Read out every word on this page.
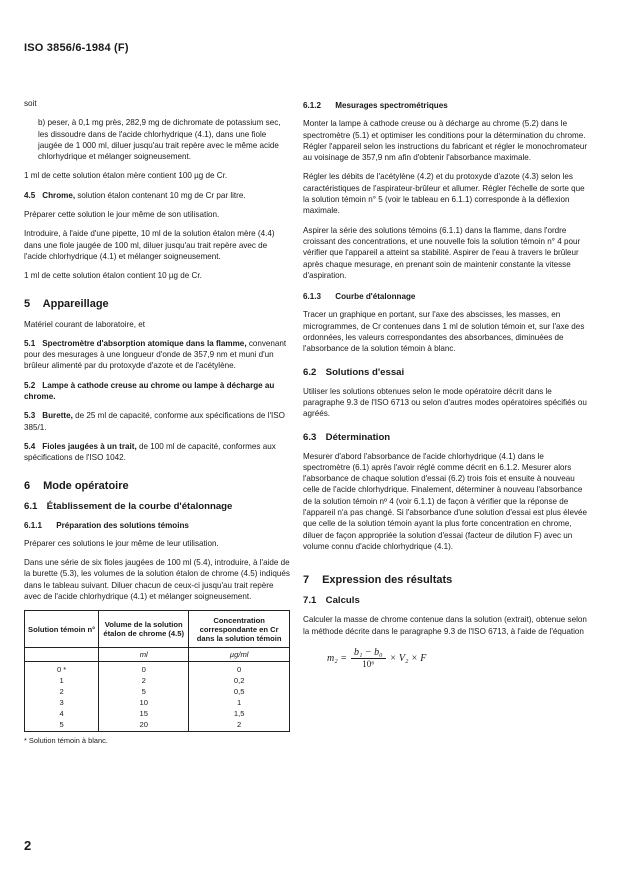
ISO 3856/6-1984 (F)

soit

b) peser, à 0,1 mg près, 282,9 mg de dichromate de potassium sec, les dissoudre dans de l'acide chlorhydrique (4.1), dans une fiole jaugée de 1 000 ml, diluer jusqu'au trait repère avec le même acide chlorhydrique et mélanger soigneusement.

1 ml de cette solution étalon mère contient 100 µg de Cr.

4.5 Chrome, solution étalon contenant 10 mg de Cr par litre.

Préparer cette solution le jour même de son utilisation.

Introduire, à l'aide d'une pipette, 10 ml de la solution étalon mère (4.4) dans une fiole jaugée de 100 ml, diluer jusqu'au trait repère avec de l'acide chlorhydrique (4.1) et mélanger soigneusement.

1 ml de cette solution étalon contient 10 µg de Cr.

5 Appareillage

Matériel courant de laboratoire, et

5.1 Spectromètre d'absorption atomique dans la flamme, convenant pour des mesurages à une longueur d'onde de 357,9 nm et muni d'un brûleur alimenté par du protoxyde d'azote et de l'acétylène.

5.2 Lampe à cathode creuse au chrome ou lampe à décharge au chrome.

5.3 Burette, de 25 ml de capacité, conforme aux spécifications de l'ISO 385/1.

5.4 Fioles jaugées à un trait, de 100 ml de capacité, conformes aux spécifications de l'ISO 1042.

6 Mode opératoire
6.1 Établissement de la courbe d'étalonnage
6.1.1 Préparation des solutions témoins

Préparer ces solutions le jour même de leur utilisation.

Dans une série de six fioles jaugées de 100 ml (5.4), introduire, à l'aide de la burette (5.3), les volumes de la solution étalon de chrome (4.5) indiqués dans le tableau suivant. Diluer chacun de ceux-ci jusqu'au trait repère avec de l'acide chlorhydrique (4.1) et mélanger soigneusement.

Solution témoin n°	Volume de la solution étalon de chrome (4.5)	Concentration correspondante en Cr dans la solution témoin
	ml	µg/ml
0 *	0	0
1	2	0,2
2	5	0,5
3	10	1
4	15	1,5
5	20	2
* Solution témoin à blanc.
6.1.2 Mesurages spectrométriques

Monter la lampe à cathode creuse ou à décharge au chrome (5.2) dans le spectromètre (5.1) et optimiser les conditions pour la détermination du chrome. Régler l'appareil selon les instructions du fabricant et régler le monochromateur au voisinage de 357,9 nm afin d'obtenir l'absorbance maximale.

Régler les débits de l'acétylène (4.2) et du protoxyde d'azote (4.3) selon les caractéristiques de l'aspirateur-brûleur et allumer. Régler l'échelle de sorte que la solution témoin n° 5 (voir le tableau en 6.1.1) corresponde à la déflexion maximale.

Aspirer la série des solutions témoins (6.1.1) dans la flamme, dans l'ordre croissant des concentrations, et une nouvelle fois la solution témoin n° 4 pour vérifier que l'appareil a atteint sa stabilité. Aspirer de l'eau à travers le brûleur après chaque mesurage, en prenant soin de maintenir constante la vitesse d'aspiration.

6.1.3 Courbe d'étalonnage

Tracer un graphique en portant, sur l'axe des abscisses, les masses, en microgrammes, de Cr contenues dans 1 ml de solution témoin et, sur l'axe des ordonnées, les valeurs correspondantes des absorbances, diminuées de l'absorbance de la solution témoin à blanc.

6.2 Solutions d'essai

Utiliser les solutions obtenues selon le mode opératoire décrit dans le paragraphe 9.3 de l'ISO 6713 ou selon d'autres modes opératoires spécifiés ou agréés.

6.3 Détermination

Mesurer d'abord l'absorbance de l'acide chlorhydrique (4.1) dans le spectromètre (6.1) après l'avoir réglé comme décrit en 6.1.2. Mesurer alors l'absorbance de chaque solution d'essai (6.2) trois fois et ensuite à nouveau celle de l'acide chlorhydrique. Finalement, déterminer à nouveau l'absorbance de la solution témoin nº 4 (voir 6.1.1) de façon à vérifier que la réponse de l'appareil n'a pas changé. Si l'absorbance d'une solution d'essai est plus élevée que celle de la solution témoin ayant la plus forte concentration en chrome, diluer de façon appropriée la solution d'essai (facteur de dilution F) avec un volume connu d'acide chlorhydrique (4.1).

7 Expression des résultats
7.1 Calculs

Calculer la masse de chrome contenue dans la solution (extrait), obtenue selon la méthode décrite dans le paragraphe 9.3 de l'ISO 6713, à l'aide de l'équation

$m_2 = \frac{\text{b₁ − b₀}}{\text{10⁶}} \times V_2 \times F$
2
